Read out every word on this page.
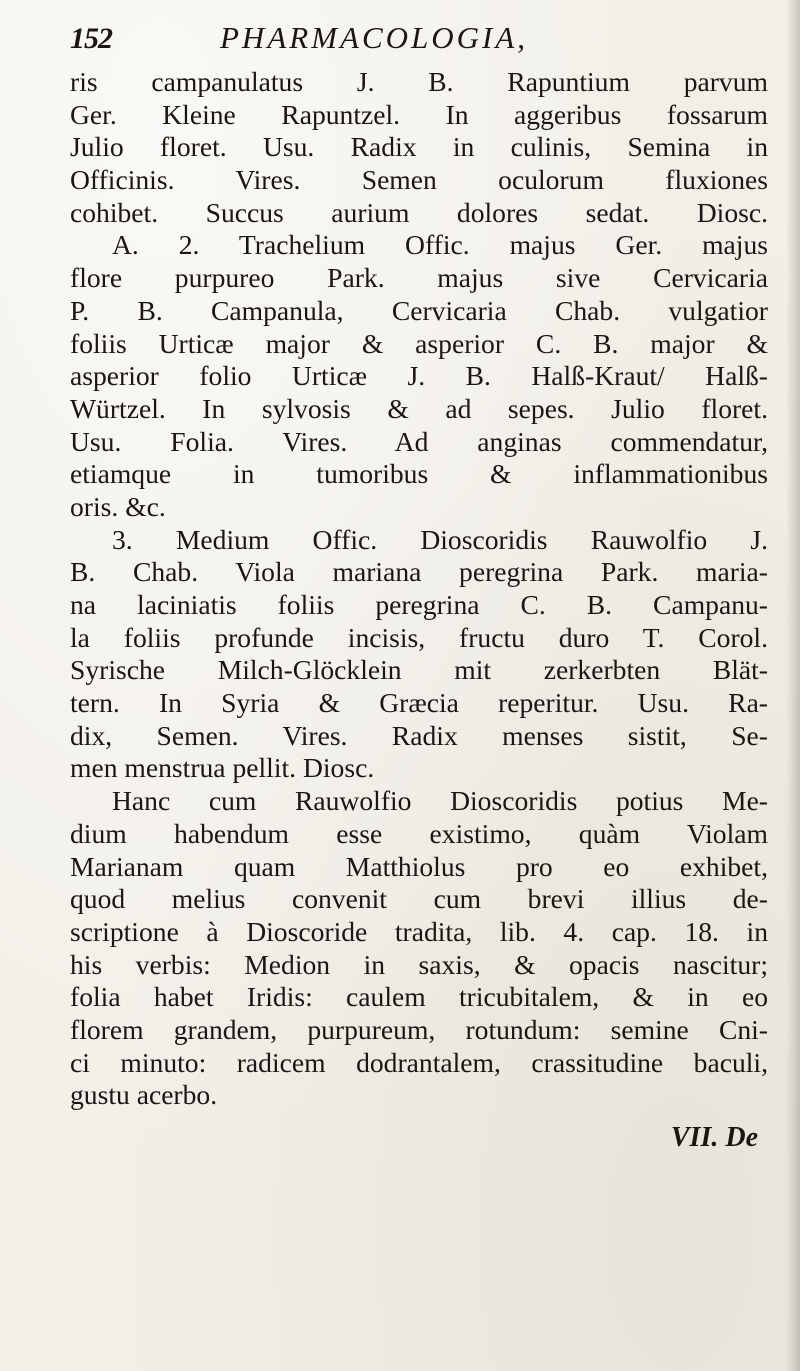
152	PHARMACOLOGIA,
ris campanulatus J. B. Rapuntium parvum
Ger. Kleine Rapuntzel. In aggeribus fossarum
Julio floret. Usu. Radix in culinis, Semina in
Officinis. Vires. Semen oculorum fluxiones
cohibet. Succus aurium dolores sedat. Diosc.
A. 2. Trachelium Offic. majus Ger. majus
flore purpureo Park. majus sive Cervicaria
P. B. Campanula, Cervicaria Chab. vulgatior
foliis Urticæ major & asperior C. B. major &
asperior folio Urticæ J. B. Halß-Kraut/ Halß-
Würtzel. In sylvosis & ad sepes. Julio floret.
Usu. Folia. Vires. Ad anginas commendatur,
etiamque in tumoribus & inflammationibus
oris. &c.
3. Medium Offic. Dioscoridis Rauwolfio J.
B. Chab. Viola mariana peregrina Park. maria-
na laciniatis foliis peregrina C. B. Campanu-
la foliis profunde incisis, fructu duro T. Corol.
Syrische Milch-Glöcklein mit zerkerbten Blät-
tern. In Syria & Græcia reperitur. Usu. Ra-
dix, Semen. Vires. Radix menses sistit, Se-
men menstrua pellit. Diosc.
Hanc cum Rauwolfio Dioscoridis potius Me-
dium habendum esse existimo, quàm Violam
Marianam quam Matthiolus pro eo exhibet,
quod melius convenit cum brevi illius de-
scriptione à Dioscoride tradita, lib. 4. cap. 18. in
his verbis: Medion in saxis, & opacis nascitur;
folia habet Iridis: caulem tricubitalem, & in eo
florem grandem, purpureum, rotundum: semine Cni-
ci minuto: radicem dodrantalem, crassitudine baculi,
gustu acerbo.
VII. De
